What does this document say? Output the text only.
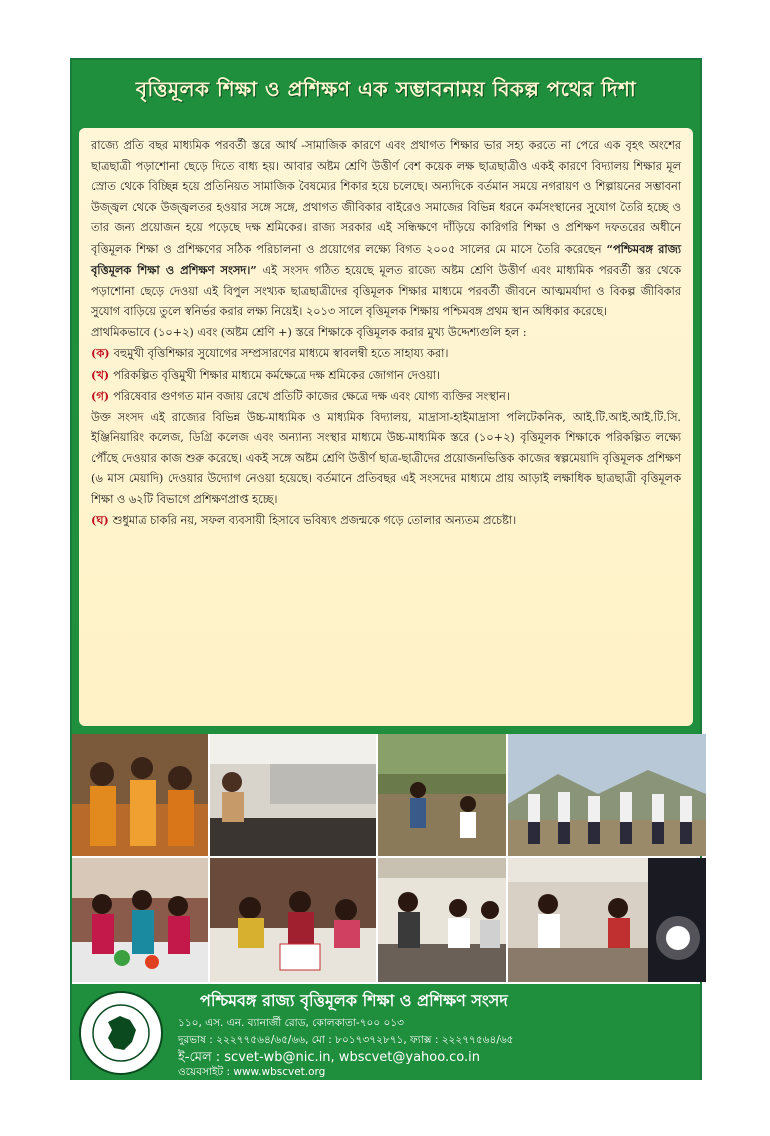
বৃত্তিমূলক শিক্ষা ও প্রশিক্ষণ এক সম্ভাবনাময় বিকল্প পথের দিশা

রাজ্যে প্রতি বছর মাধ্যমিক পরবর্তী স্তরে আর্থ -সামাজিক কারণে এবং প্রথাগত শিক্ষার ভার সহ্য করতে না পেরে এক বৃহৎ অংশের ছাত্রছাত্রী পড়াশোনা ছেড়ে দিতে বাধ্য হয়। আবার অষ্টম শ্রেণি উত্তীর্ণ বেশ কয়েক লক্ষ ছাত্রছাত্রীও একই কারণে বিদ্যালয় শিক্ষার মূল স্রোত থেকে বিচ্ছিন্ন হয়ে প্রতিনিয়ত সামাজিক বৈষম্যের শিকার হয়ে চলেছে। অন্যদিকে বর্তমান সময়ে নগরায়ণ ও শিল্পায়নের সম্ভাবনা উজ্জ্বল থেকে উজ্জ্বলতর হওয়ার সঙ্গে সঙ্গে, প্রথাগত জীবিকার বাইরেও সমাজের বিভিন্ন ধরনে কর্মসংস্থানের সুযোগ তৈরি হচ্ছে ও তার জন্য প্রয়োজন হয়ে পড়েছে দক্ষ শ্রমিকের। রাজ্য সরকার এই সন্ধিক্ষণে দাঁড়িয়ে কারিগরি শিক্ষা ও প্রশিক্ষণ দফতরের অধীনে বৃত্তিমূলক শিক্ষা ও প্রশিক্ষণের সঠিক পরিচালনা ও প্রয়োগের লক্ষ্যে বিগত ২০০৫ সালের মে মাসে তৈরি করেছেন “পশ্চিমবঙ্গ রাজ্য বৃত্তিমূলক শিক্ষা ও প্রশিক্ষণ সংসদ।” এই সংসদ গঠিত হয়েছে মূলত রাজ্যে অষ্টম শ্রেণি উত্তীর্ণ এবং মাধ্যমিক পরবর্তী স্তর থেকে পড়াশোনা ছেড়ে দেওয়া এই বিপুল সংখ্যক ছাত্রছাত্রীদের বৃত্তিমূলক শিক্ষার মাধ্যমে পরবর্তী জীবনে আত্মমর্যাদা ও বিকল্প জীবিকার সুযোগ বাড়িয়ে তুলে স্বনির্ভর করার লক্ষ্য নিয়েই। ২০১৩ সালে বৃত্তিমূলক শিক্ষায় পশ্চিমবঙ্গ প্রথম স্থান অধিকার করেছে।

প্রাথমিকভাবে (১০+২) এবং (অষ্টম শ্রেণি +) স্তরে শিক্ষাকে বৃত্তিমূলক করার মুখ্য উদ্দেশ্যগুলি হল :

(ক) বহুমুখী বৃত্তিশিক্ষার সুযোগের সম্প্রসারণের মাধ্যমে স্বাবলম্বী হতে সাহায্য করা।

(খ) পরিকল্পিত বৃত্তিমুখী শিক্ষার মাধ্যমে কর্মক্ষেত্রে দক্ষ শ্রমিকের জোগান দেওয়া।

(গ) পরিষেবার গুণগত মান বজায় রেখে প্রতিটি কাজের ক্ষেত্রে দক্ষ এবং যোগ্য ব্যক্তির সংস্থান।

উক্ত সংসদ এই রাজ্যের বিভিন্ন উচ্চ-মাধ্যমিক ও মাধ্যমিক বিদ্যালয়, মাদ্রাসা-হাইমাদ্রাসা পলিটেকনিক, আই.টি.আই.আই.টি.সি. ইঞ্জিনিয়ারিং কলেজ, ডিগ্রি কলেজ এবং অন্যান্য সংস্থার মাধ্যমে উচ্চ-মাধ্যমিক স্তরে (১০+২) বৃত্তিমূলক শিক্ষাকে পরিকল্পিত লক্ষ্যে পৌঁছে দেওয়ার কাজ শুরু করেছে। একই সঙ্গে অষ্টম শ্রেণি উত্তীর্ণ ছাত্র-ছাত্রীদের প্রয়োজনভিত্তিক কাজের স্বল্পমেয়াদি বৃত্তিমূলক প্রশিক্ষণ (৬ মাস মেয়াদি) দেওয়ার উদ্যোগ নেওয়া হয়েছে। বর্তমানে প্রতিবছর এই সংসদের মাধ্যমে প্রায় আড়াই লক্ষাধিক ছাত্রছাত্রী বৃত্তিমূলক শিক্ষা ও ৬২টি বিভাগে প্রশিক্ষণপ্রাপ্ত হচ্ছে।

(ঘ) শুধুমাত্র চাকরি নয়, সফল ব্যবসায়ী হিসাবে ভবিষ্যৎ প্রজন্মকে গড়ে তোলার অন্যতম প্রচেষ্টা।

পশ্চিমবঙ্গ রাজ্য বৃত্তিমূলক শিক্ষা ও প্রশিক্ষণ সংসদ
১১০, এস. এন. ব্যানার্জী রোড, কোলকাতা-৭০০ ০১৩
দুরভাষ : ২২২৭৭৫৬৪/৬৫/৬৬, মো : ৮০১৭৩৭২৮৭১, ফ্যাক্স : ২২২৭৭৫৬৪/৬৫
ই-মেল : scvet-wb@nic.in, wbscvet@yahoo.co.in
ওয়েবসাইট : www.wbscvet.org
